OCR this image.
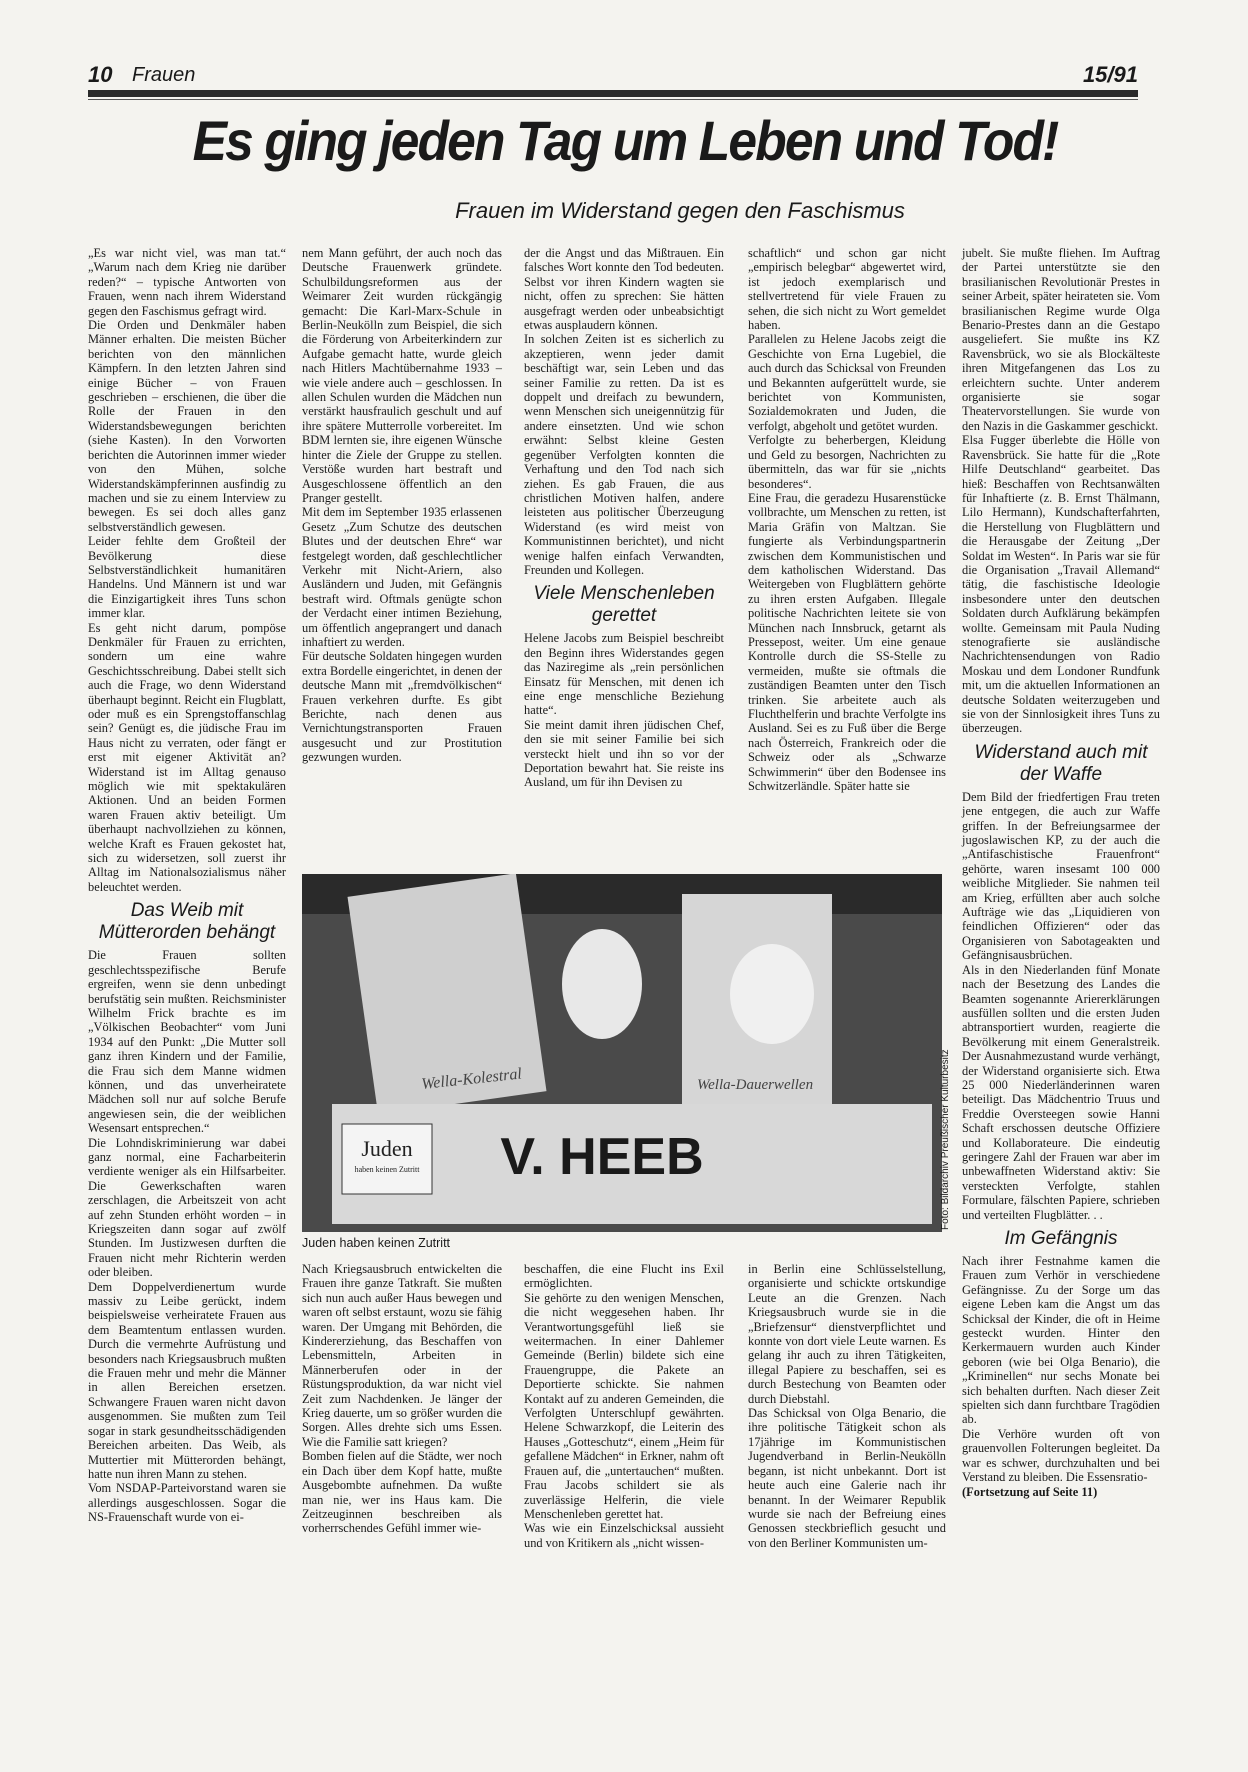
10 Frauen	15/91
Es ging jeden Tag um Leben und Tod!
Frauen im Widerstand gegen den Faschismus

„Es war nicht viel, was man tat.“ „Warum nach dem Krieg nie darüber reden?“ – typische Antworten von Frauen, wenn nach ihrem Widerstand gegen den Faschismus gefragt wird.

Die Orden und Denkmäler haben Männer erhalten. Die meisten Bücher berichten von den männlichen Kämpfern. In den letzten Jahren sind einige Bücher – von Frauen geschrieben – erschienen, die über die Rolle der Frauen in den Widerstandsbewegungen berichten (siehe Kasten). In den Vorworten berichten die Autorinnen immer wieder von den Mühen, solche Widerstandskämpferinnen ausfindig zu machen und sie zu einem Interview zu bewegen. Es sei doch alles ganz selbstverständlich gewesen.

Leider fehlte dem Großteil der Bevölkerung diese Selbstverständlichkeit humanitären Handelns. Und Männern ist und war die Einzigartigkeit ihres Tuns schon immer klar.

Es geht nicht darum, pompöse Denkmäler für Frauen zu errichten, sondern um eine wahre Geschichtsschreibung. Dabei stellt sich auch die Frage, wo denn Widerstand überhaupt beginnt. Reicht ein Flugblatt, oder muß es ein Sprengstoffanschlag sein? Genügt es, die jüdische Frau im Haus nicht zu verraten, oder fängt er erst mit eigener Aktivität an? Widerstand ist im Alltag genauso möglich wie mit spektakulären Aktionen. Und an beiden Formen waren Frauen aktiv beteiligt. Um überhaupt nachvollziehen zu können, welche Kraft es Frauen gekostet hat, sich zu widersetzen, soll zuerst ihr Alltag im Nationalsozialismus näher beleuchtet werden.

Das Weib mit Mütterorden behängt

Die Frauen sollten geschlechtsspezifische Berufe ergreifen, wenn sie denn unbedingt berufstätig sein mußten. Reichsminister Wilhelm Frick brachte es im „Völkischen Beobachter“ vom Juni 1934 auf den Punkt: „Die Mutter soll ganz ihren Kindern und der Familie, die Frau sich dem Manne widmen können, und das unverheiratete Mädchen soll nur auf solche Berufe angewiesen sein, die der weiblichen Wesensart entsprechen.“

Die Lohndiskriminierung war dabei ganz normal, eine Facharbeiterin verdiente weniger als ein Hilfsarbeiter. Die Gewerkschaften waren zerschlagen, die Arbeitszeit von acht auf zehn Stunden erhöht worden – in Kriegszeiten dann sogar auf zwölf Stunden. Im Justizwesen durften die Frauen nicht mehr Richterin werden oder bleiben.

Dem Doppelverdienertum wurde massiv zu Leibe gerückt, indem beispielsweise verheiratete Frauen aus dem Beamtentum entlassen wurden. Durch die vermehrte Aufrüstung und besonders nach Kriegsausbruch mußten die Frauen mehr und mehr die Männer in allen Bereichen ersetzen. Schwangere Frauen waren nicht davon ausgenommen. Sie mußten zum Teil sogar in stark gesundheitsschädigenden Bereichen arbeiten. Das Weib, als Muttertier mit Mütterorden behängt, hatte nun ihren Mann zu stehen.

Vom NSDAP-Parteivorstand waren sie allerdings ausgeschlossen. Sogar die NS-Frauenschaft wurde von ei-

nem Mann geführt, der auch noch das Deutsche Frauenwerk gründete. Schulbildungsreformen aus der Weimarer Zeit wurden rückgängig gemacht: Die Karl-Marx-Schule in Berlin-Neukölln zum Beispiel, die sich die Förderung von Arbeiterkindern zur Aufgabe gemacht hatte, wurde gleich nach Hitlers Machtübernahme 1933 – wie viele andere auch – geschlossen. In allen Schulen wurden die Mädchen nun verstärkt hausfraulich geschult und auf ihre spätere Mutterrolle vorbereitet. Im BDM lernten sie, ihre eigenen Wünsche hinter die Ziele der Gruppe zu stellen. Verstöße wurden hart bestraft und Ausgeschlossene öffentlich an den Pranger gestellt.

Mit dem im September 1935 erlassenen Gesetz „Zum Schutze des deutschen Blutes und der deutschen Ehre“ war festgelegt worden, daß geschlechtlicher Verkehr mit Nicht-Ariern, also Ausländern und Juden, mit Gefängnis bestraft wird. Oftmals genügte schon der Verdacht einer intimen Beziehung, um öffentlich angeprangert und danach inhaftiert zu werden.

Für deutsche Soldaten hingegen wurden extra Bordelle eingerichtet, in denen der deutsche Mann mit „fremdvölkischen“ Frauen verkehren durfte. Es gibt Berichte, nach denen aus Vernichtungstransporten Frauen ausgesucht und zur Prostitution gezwungen wurden.

der die Angst und das Mißtrauen. Ein falsches Wort konnte den Tod bedeuten. Selbst vor ihren Kindern wagten sie nicht, offen zu sprechen: Sie hätten ausgefragt werden oder unbeabsichtigt etwas ausplaudern können.

In solchen Zeiten ist es sicherlich zu akzeptieren, wenn jeder damit beschäftigt war, sein Leben und das seiner Familie zu retten. Da ist es doppelt und dreifach zu bewundern, wenn Menschen sich uneigennützig für andere einsetzten. Und wie schon erwähnt: Selbst kleine Gesten gegenüber Verfolgten konnten die Verhaftung und den Tod nach sich ziehen. Es gab Frauen, die aus christlichen Motiven halfen, andere leisteten aus politischer Überzeugung Widerstand (es wird meist von Kommunistinnen berichtet), und nicht wenige halfen einfach Verwandten, Freunden und Kollegen.

Viele Menschenleben gerettet

Helene Jacobs zum Beispiel beschreibt den Beginn ihres Widerstandes gegen das Naziregime als „rein persönlichen Einsatz für Menschen, mit denen ich eine enge menschliche Beziehung hatte“.

Sie meint damit ihren jüdischen Chef, den sie mit seiner Familie bei sich versteckt hielt und ihn so vor der Deportation bewahrt hat. Sie reiste ins Ausland, um für ihn Devisen zu

schaftlich“ und schon gar nicht „empirisch belegbar“ abgewertet wird, ist jedoch exemplarisch und stellvertretend für viele Frauen zu sehen, die sich nicht zu Wort gemeldet haben.

Parallelen zu Helene Jacobs zeigt die Geschichte von Erna Lugebiel, die auch durch das Schicksal von Freunden und Bekannten aufgerüttelt wurde, sie berichtet von Kommunisten, Sozialdemokraten und Juden, die verfolgt, abgeholt und getötet wurden.

Verfolgte zu beherbergen, Kleidung und Geld zu besorgen, Nachrichten zu übermitteln, das war für sie „nichts besonderes“.

Eine Frau, die geradezu Husarenstücke vollbrachte, um Menschen zu retten, ist Maria Gräfin von Maltzan. Sie fungierte als Verbindungspartnerin zwischen dem Kommunistischen und dem katholischen Widerstand. Das Weitergeben von Flugblättern gehörte zu ihren ersten Aufgaben. Illegale politische Nachrichten leitete sie von München nach Innsbruck, getarnt als Pressepost, weiter. Um eine genaue Kontrolle durch die SS-Stelle zu vermeiden, mußte sie oftmals die zuständigen Beamten unter den Tisch trinken. Sie arbeitete auch als Fluchthelferin und brachte Verfolgte ins Ausland. Sei es zu Fuß über die Berge nach Österreich, Frankreich oder die Schweiz oder als „Schwarze Schwimmerin“ über den Bodensee ins Schwitzerländle. Später hatte sie

jubelt. Sie mußte fliehen. Im Auftrag der Partei unterstützte sie den brasilianischen Revolutionär Prestes in seiner Arbeit, später heirateten sie. Vom brasilianischen Regime wurde Olga Benario-Prestes dann an die Gestapo ausgeliefert. Sie mußte ins KZ Ravensbrück, wo sie als Blockälteste ihren Mitgefangenen das Los zu erleichtern suchte. Unter anderem organisierte sie sogar Theatervorstellungen. Sie wurde von den Nazis in die Gaskammer geschickt.

Elsa Fugger überlebte die Hölle von Ravensbrück. Sie hatte für die „Rote Hilfe Deutschland“ gearbeitet. Das hieß: Beschaffen von Rechtsanwälten für Inhaftierte (z. B. Ernst Thälmann, Lilo Hermann), Kundschafterfahrten, die Herstellung von Flugblättern und die Herausgabe der Zeitung „Der Soldat im Westen“. In Paris war sie für die Organisation „Travail Allemand“ tätig, die faschistische Ideologie insbesondere unter den deutschen Soldaten durch Aufklärung bekämpfen wollte. Gemeinsam mit Paula Nuding stenografierte sie ausländische Nachrichtensendungen von Radio Moskau und dem Londoner Rundfunk mit, um die aktuellen Informationen an deutsche Soldaten weiterzugeben und sie von der Sinnlosigkeit ihres Tuns zu überzeugen.

Widerstand auch mit der Waffe

Dem Bild der friedfertigen Frau treten jene entgegen, die auch zur Waffe griffen. In der Befreiungsarmee der jugoslawischen KP, zu der auch die „Antifaschistische Frauenfront“ gehörte, waren insesamt 100 000 weibliche Mitglieder. Sie nahmen teil am Krieg, erfüllten aber auch solche Aufträge wie das „Liquidieren von feindlichen Offizieren“ oder das Organisieren von Sabotageakten und Gefängnisausbrüchen.

Als in den Niederlanden fünf Monate nach der Besetzung des Landes die Beamten sogenannte Ariererklärungen ausfüllen sollten und die ersten Juden abtransportiert wurden, reagierte die Bevölkerung mit einem Generalstreik. Der Ausnahmezustand wurde verhängt, der Widerstand organisierte sich. Etwa 25 000 Niederländerinnen waren beteiligt. Das Mädchentrio Truus und Freddie Oversteegen sowie Hanni Schaft erschossen deutsche Offiziere und Kollaborateure. Die eindeutig geringere Zahl der Frauen war aber im unbewaffneten Widerstand aktiv: Sie versteckten Verfolgte, stahlen Formulare, fälschten Papiere, schrieben und verteilten Flugblätter. . .

Im Gefängnis

Nach ihrer Festnahme kamen die Frauen zum Verhör in verschiedene Gefängnisse. Zu der Sorge um das eigene Leben kam die Angst um das Schicksal der Kinder, die oft in Heime gesteckt wurden. Hinter den Kerkermauern wurden auch Kinder geboren (wie bei Olga Benario), die „Kriminellen“ nur sechs Monate bei sich behalten durften. Nach dieser Zeit spielten sich dann furchtbare Tragödien ab.

Die Verhöre wurden oft von grauenvollen Folterungen begleitet. Da war es schwer, durchzuhalten und bei Verstand zu bleiben. Die Essensratio-

(Fortsetzung auf Seite 11)

Juden
haben keinen Zutritt V. HEEB
Wella-Kolestral	Wella-Dauerwellen	Foto: Bildarchiv Preußischer Kulturbesitz
Juden haben keinen Zutritt

Nach Kriegsausbruch entwickelten die Frauen ihre ganze Tatkraft. Sie mußten sich nun auch außer Haus bewegen und waren oft selbst erstaunt, wozu sie fähig waren. Der Umgang mit Behörden, die Kindererziehung, das Beschaffen von Lebensmitteln, Arbeiten in Männerberufen oder in der Rüstungsproduktion, da war nicht viel Zeit zum Nachdenken. Je länger der Krieg dauerte, um so größer wurden die Sorgen. Alles drehte sich ums Essen. Wie die Familie satt kriegen?

Bomben fielen auf die Städte, wer noch ein Dach über dem Kopf hatte, mußte Ausgebombte aufnehmen. Da wußte man nie, wer ins Haus kam. Die Zeitzeuginnen beschreiben als vorherrschendes Gefühl immer wie-

beschaffen, die eine Flucht ins Exil ermöglichten.

Sie gehörte zu den wenigen Menschen, die nicht weggesehen haben. Ihr Verantwortungsgefühl ließ sie weitermachen. In einer Dahlemer Gemeinde (Berlin) bildete sich eine Frauengruppe, die Pakete an Deportierte schickte. Sie nahmen Kontakt auf zu anderen Gemeinden, die Verfolgten Unterschlupf gewährten. Helene Schwarzkopf, die Leiterin des Hauses „Gotteschutz“, einem „Heim für gefallene Mädchen“ in Erkner, nahm oft Frauen auf, die „untertauchen“ mußten. Frau Jacobs schildert sie als zuverlässige Helferin, die viele Menschenleben gerettet hat.

Was wie ein Einzelschicksal aussieht und von Kritikern als „nicht wissen-

in Berlin eine Schlüsselstellung, organisierte und schickte ortskundige Leute an die Grenzen. Nach Kriegsausbruch wurde sie in die „Briefzensur“ dienstverpflichtet und konnte von dort viele Leute warnen. Es gelang ihr auch zu ihren Tätigkeiten, illegal Papiere zu beschaffen, sei es durch Bestechung von Beamten oder durch Diebstahl.

Das Schicksal von Olga Benario, die ihre politische Tätigkeit schon als 17jährige im Kommunistischen Jugendverband in Berlin-Neukölln begann, ist nicht unbekannt. Dort ist heute auch eine Galerie nach ihr benannt. In der Weimarer Republik wurde sie nach der Befreiung eines Genossen steckbrieflich gesucht und von den Berliner Kommunisten um-
